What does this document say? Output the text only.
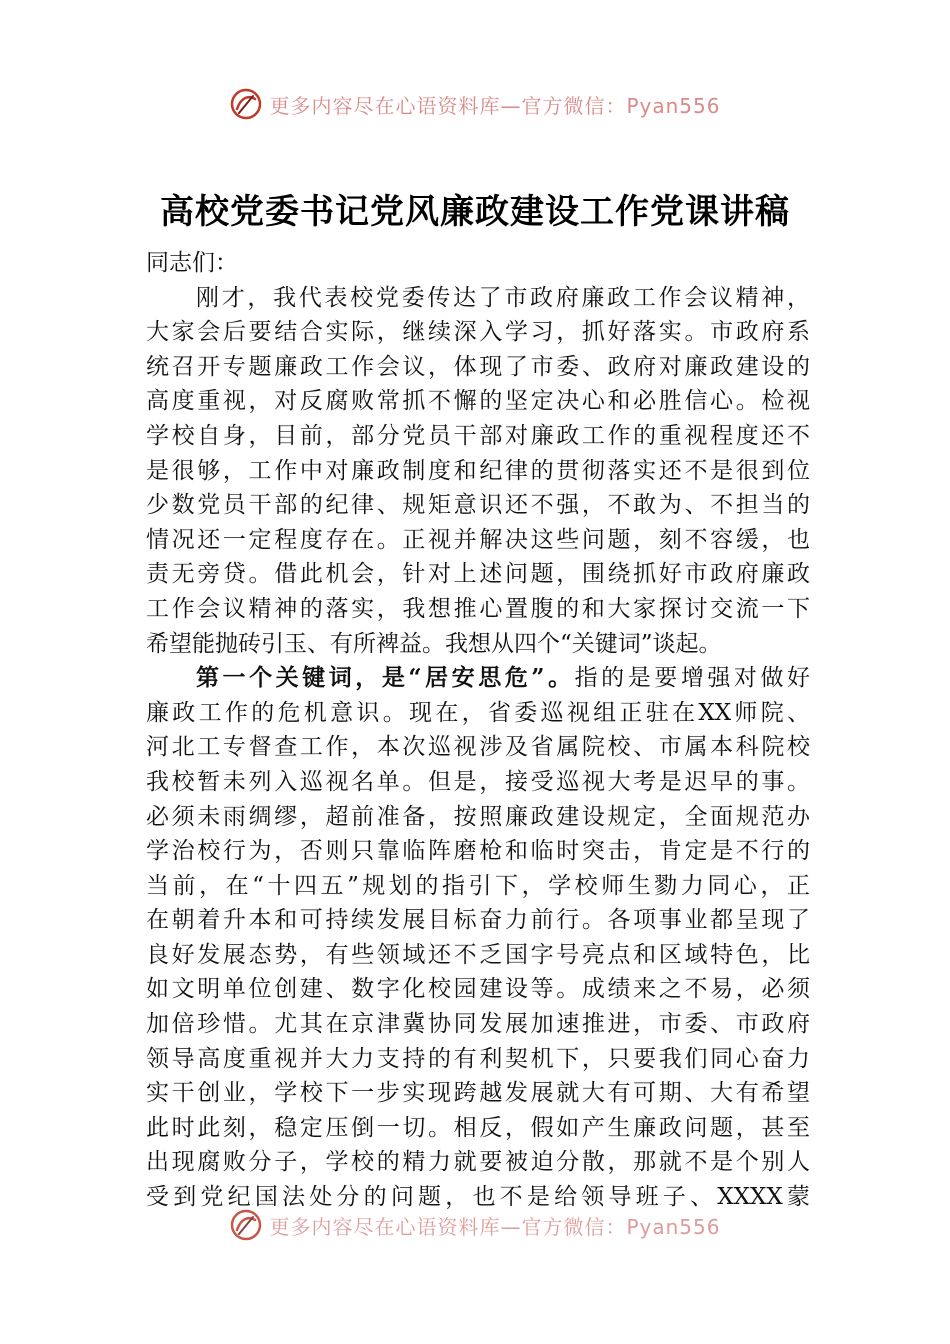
更多内容尽在心语资料库—官方微信：Pyan556
高校党委书记党风廉政建设工作党课讲稿
同志们：
刚才，我代表校党委传达了市政府廉政工作会议精神，
大家会后要结合实际，继续深入学习，抓好落实。市政府系
统召开专题廉政工作会议，体现了市委、政府对廉政建设的
高度重视，对反腐败常抓不懈的坚定决心和必胜信心。检视
学校自身，目前，部分党员干部对廉政工作的重视程度还不
是很够，工作中对廉政制度和纪律的贯彻落实还不是很到位
少数党员干部的纪律、规矩意识还不强，不敢为、不担当的
情况还一定程度存在。正视并解决这些问题，刻不容缓，也
责无旁贷。借此机会，针对上述问题，围绕抓好市政府廉政
工作会议精神的落实，我想推心置腹的和大家探讨交流一下
希望能抛砖引玉、有所裨益。我想从四个“关键词”谈起。
第一个关键词，是“居安思危”。指的是要增强对做好
廉政工作的危机意识。现在，省委巡视组正驻在XX师院、
河北工专督查工作，本次巡视涉及省属院校、市属本科院校
我校暂未列入巡视名单。但是，接受巡视大考是迟早的事。
必须未雨绸缪，超前准备，按照廉政建设规定，全面规范办
学治校行为，否则只靠临阵磨枪和临时突击，肯定是不行的
当前，在“十四五”规划的指引下，学校师生勠力同心，正
在朝着升本和可持续发展目标奋力前行。各项事业都呈现了
良好发展态势，有些领域还不乏国字号亮点和区域特色，比
如文明单位创建、数字化校园建设等。成绩来之不易，必须
加倍珍惜。尤其在京津冀协同发展加速推进，市委、市政府
领导高度重视并大力支持的有利契机下，只要我们同心奋力
实干创业，学校下一步实现跨越发展就大有可期、大有希望
此时此刻，稳定压倒一切。相反，假如产生廉政问题，甚至
出现腐败分子，学校的精力就要被迫分散，那就不是个别人
受到党纪国法处分的问题，也不是给领导班子、XXXX蒙
更多内容尽在心语资料库—官方微信：Pyan556
